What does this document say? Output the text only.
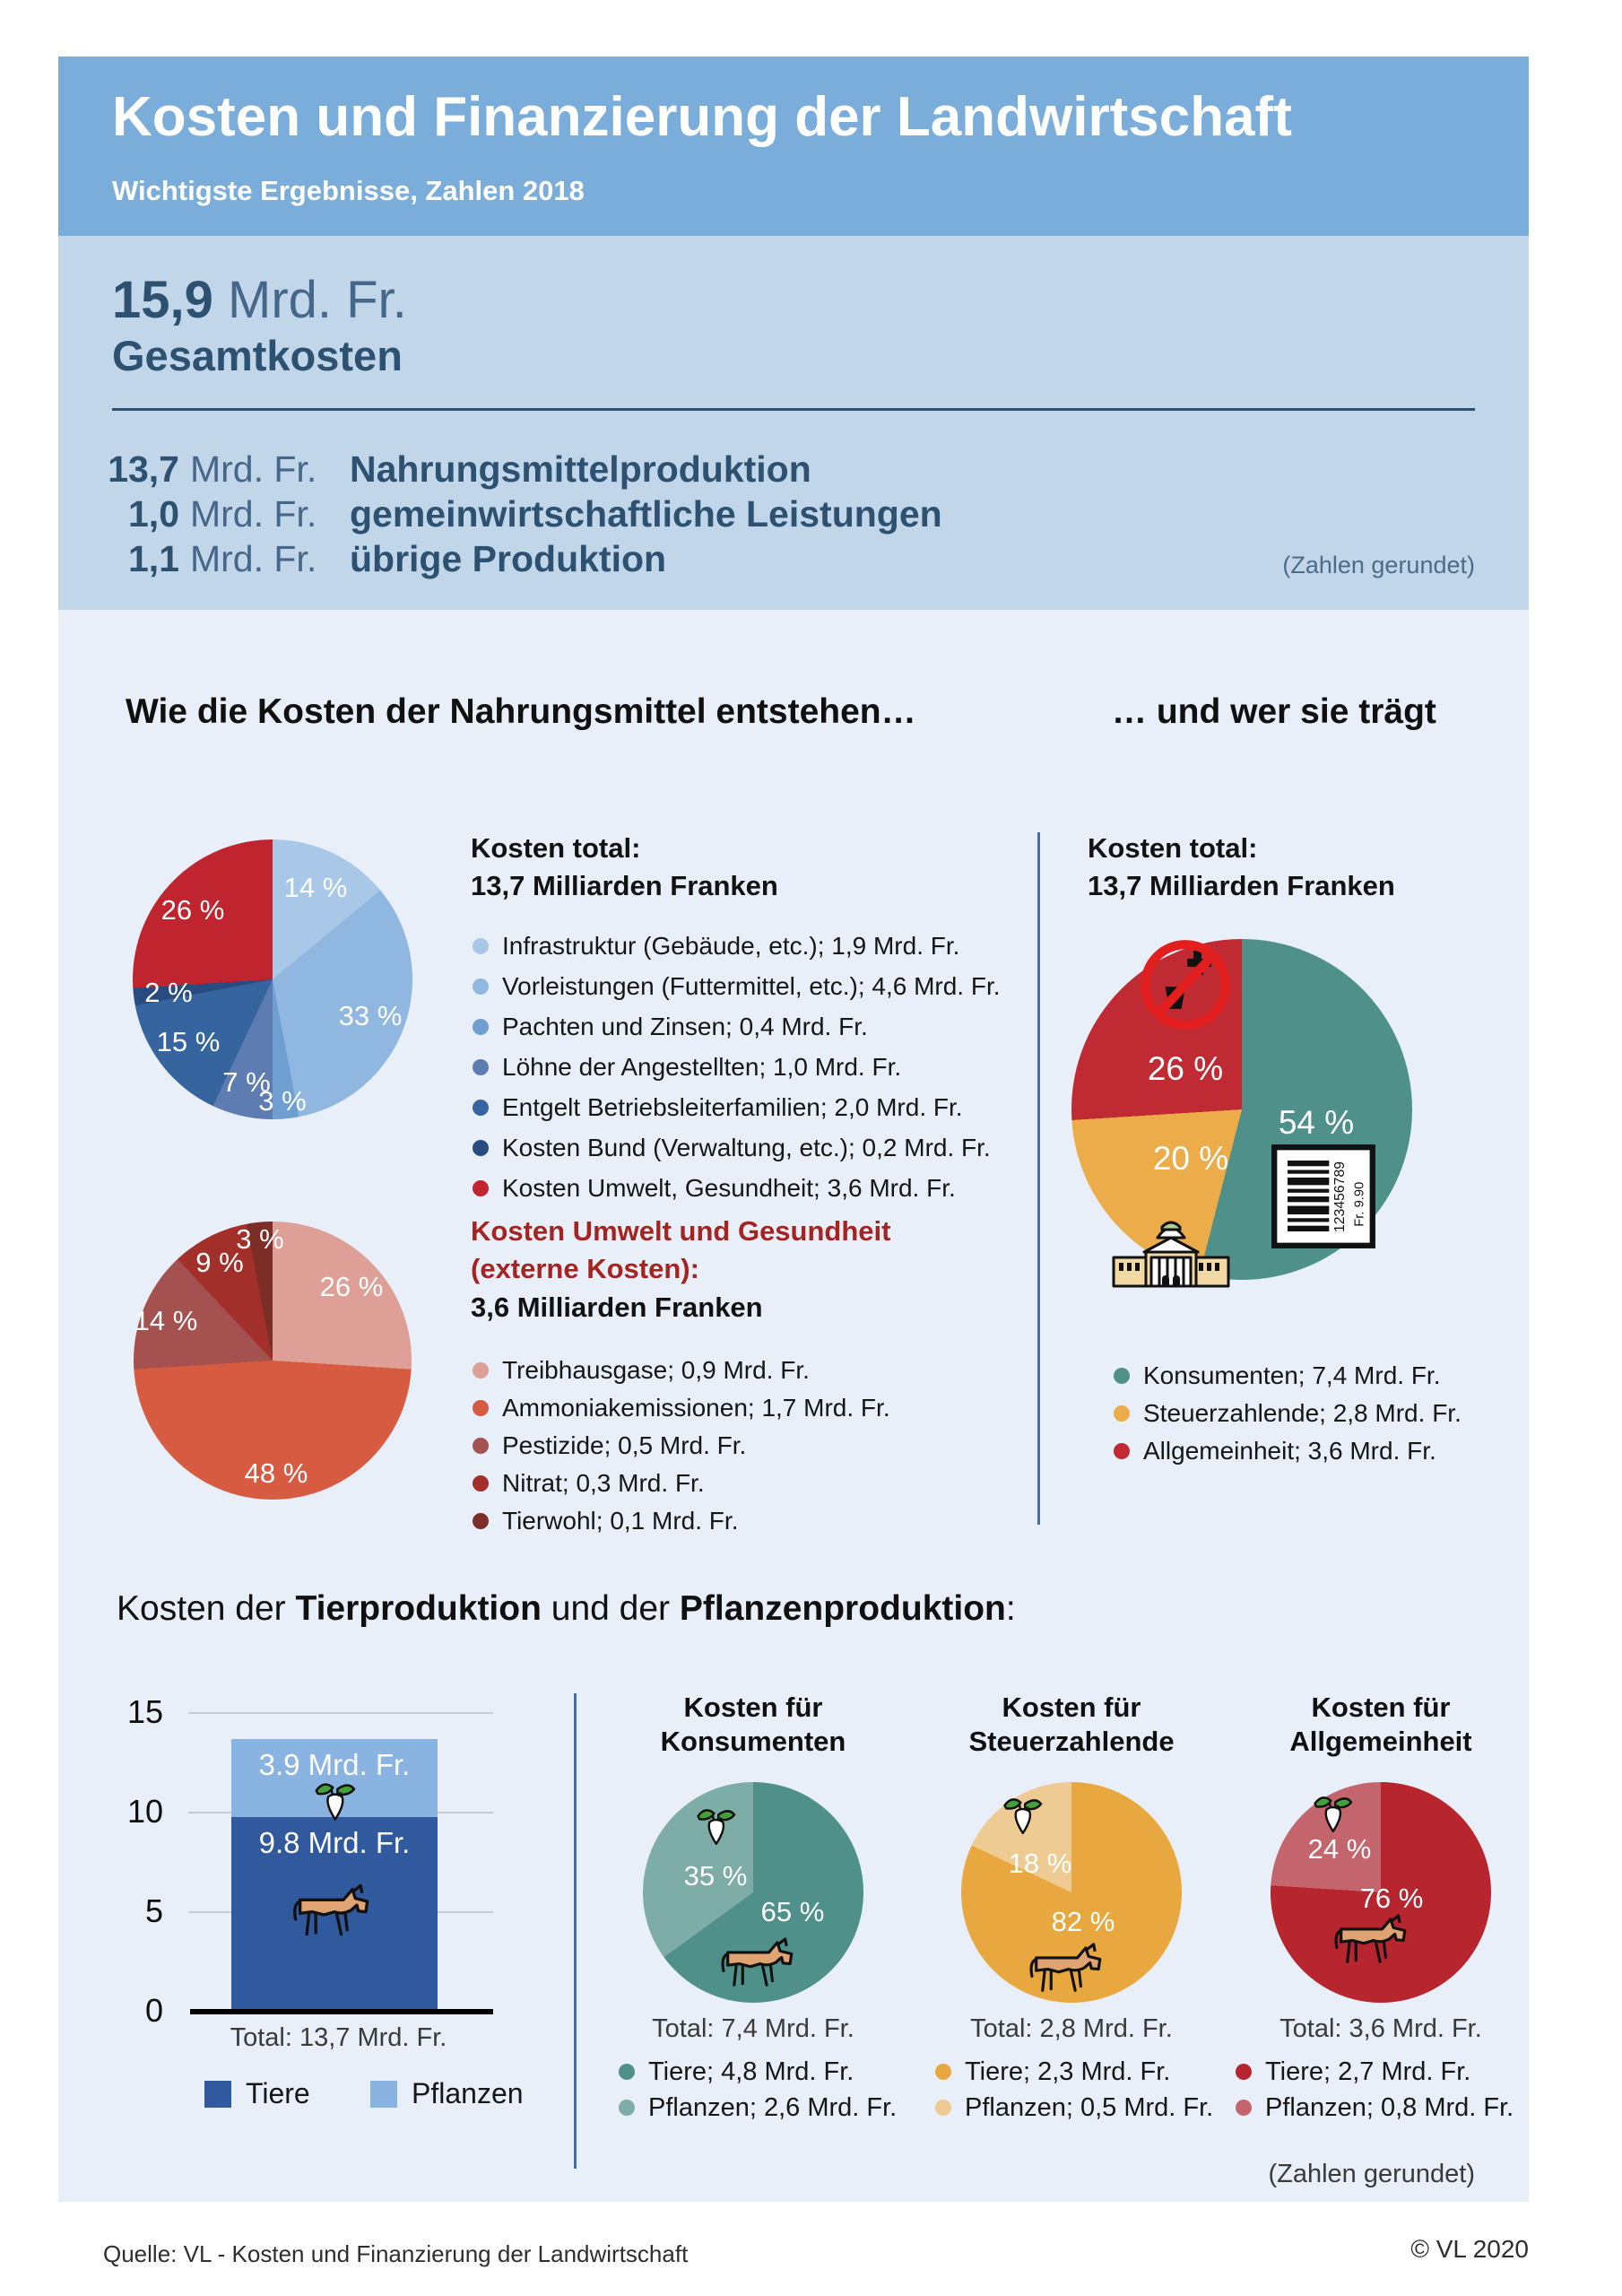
Kosten und Finanzierung der Landwirtschaft
Wichtigste Ergebnisse, Zahlen 2018
15,9 Mrd. Fr.
Gesamtkosten
13,7 Mrd. Fr. Nahrungsmittelproduktion
1,0 Mrd. Fr. gemeinwirtschaftliche Leistungen
1,1 Mrd. Fr. übrige Produktion	(Zahlen gerundet)
Wie die Kosten der Nahrungsmittel entstehen…	… und wer sie trägt
14 %
33 %
3 %
7 %
15 %
2 %
26 %
Kosten total:
13,7 Milliarden Franken
Infrastruktur (Gebäude, etc.); 1,9 Mrd. Fr.
Vorleistungen (Futtermittel, etc.); 4,6 Mrd. Fr.
Pachten und Zinsen; 0,4 Mrd. Fr.
Löhne der Angestellten; 1,0 Mrd. Fr.
Entgelt Betriebsleiterfamilien; 2,0 Mrd. Fr.
Kosten Bund (Verwaltung, etc.); 0,2 Mrd. Fr.
Kosten Umwelt, Gesundheit; 3,6 Mrd. Fr.
26 %
48 %
14 %
9 %
3 %	Kosten Umwelt und Gesundheit
(externe Kosten):
3,6 Milliarden Franken
Treibhausgase; 0,9 Mrd. Fr.
Ammoniakemissionen; 1,7 Mrd. Fr.
Pestizide; 0,5 Mrd. Fr.
Nitrat; 0,3 Mrd. Fr.
Tierwohl; 0,1 Mrd. Fr.
Kosten total:
13,7 Milliarden Franken
54 %
20 %
26 %
Konsumenten; 7,4 Mrd. Fr.
Steuerzahlende; 2,8 Mrd. Fr.
Allgemeinheit; 3,6 Mrd. Fr.
Kosten der Tierproduktion und der Pflanzenproduktion:
15
10
5
0
3.9 Mrd. Fr.
9.8 Mrd. Fr.
Total: 13,7 Mrd. Fr.
Tiere	Pflanzen
Kosten für
Konsumenten
35 %
65 %
Total: 7,4 Mrd. Fr.
Tiere; 4,8 Mrd. Fr.
Pflanzen; 2,6 Mrd. Fr.
Kosten für
Steuerzahlende
18 %
82 %
Total: 2,8 Mrd. Fr.
Tiere; 2,3 Mrd. Fr.
Pflanzen; 0,5 Mrd. Fr.
Kosten für
Allgemeinheit
24 %
76 %
Total: 3,6 Mrd. Fr.
Tiere; 2,7 Mrd. Fr.
Pflanzen; 0,8 Mrd. Fr.
(Zahlen gerundet)
Quelle: VL - Kosten und Finanzierung der Landwirtschaft	© VL 2020
